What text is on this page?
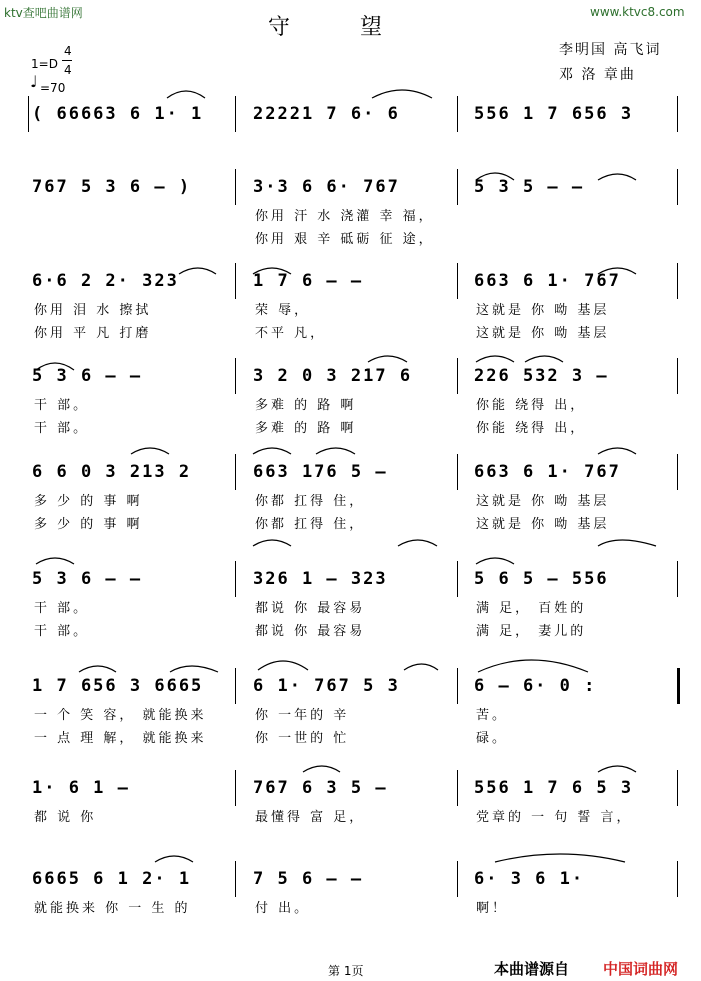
ktv查吧曲谱网	www.ktvc8.com
守望
李明国 高飞词
邓 洛 章曲
1=D
4
4
♩ =70
( 66663 6 1· 1	22221 7 6· 6	556 1 7 656 3
767 5 3 6 – )	3·3 6 6· 767	5 3 5 – –
你用 汗 水 浇灌 幸 福，
你用 艰 辛 砥砺 征 途，
6·6 2 2· 323	1 7 6 – –	663 6 1· 767
你用 泪 水 擦拭	荣 辱，	这就是 你 呦 基层
你用 平 凡 打磨	不平 凡，	这就是 你 呦 基层
5 3 6 – –	3 2 0 3 217 6	226 532 3 –
干 部。	多难 的 路 啊	你能 绕得 出，
干 部。	多难 的 路 啊	你能 绕得 出，
6 6 0 3 213 2	663 176 5 –	663 6 1· 767
多 少 的 事 啊	你都 扛得 住，	这就是 你 呦 基层
多 少 的 事 啊	你都 扛得 住，	这就是 你 呦 基层
5 3 6 – –	326 1 – 323	5 6 5 – 556
干 部。	都说 你 最容易	满 足， 百姓的
干 部。	都说 你 最容易	满 足， 妻儿的
1 7 656 3 6665	6 1· 767 5 3	6 – 6· 0 :
一 个 笑 容， 就能换来	你 一年的 辛	苦。
一 点 理 解， 就能换来	你 一世的 忙	碌。
1· 6 1 –	767 6 3 5 –	556 1 7 6 5 3
都 说 你	最懂得 富 足，	党章的 一 句 誓 言，
6665 6 1 2· 1	7 5 6 – –	6· 3 6 1·
就能换来 你 一 生 的	付 出。	啊！
第 1页	本曲谱源自 中国词曲网
